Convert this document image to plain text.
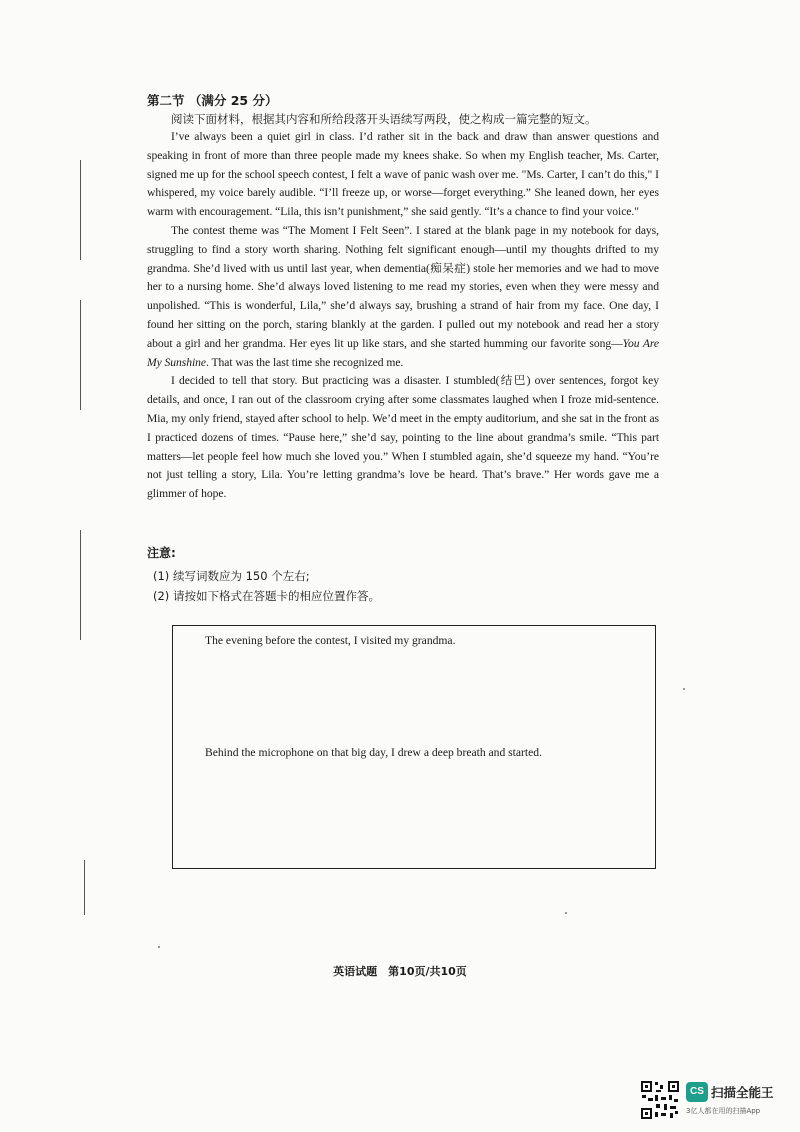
第二节 （满分 25 分）

阅读下面材料，根据其内容和所给段落开头语续写两段，使之构成一篇完整的短文。

I’ve always been a quiet girl in class. I’d rather sit in the back and draw than answer questions and speaking in front of more than three people made my knees shake. So when my English teacher, Ms. Carter, signed me up for the school speech contest, I felt a wave of panic wash over me. "Ms. Carter, I can’t do this," I whispered, my voice barely audible. “I’ll freeze up, or worse—forget everything.” She leaned down, her eyes warm with encouragement. “Lila, this isn’t punishment,” she said gently. “It’s a chance to find your voice."

The contest theme was “The Moment I Felt Seen”. I stared at the blank page in my notebook for days, struggling to find a story worth sharing. Nothing felt significant enough—until my thoughts drifted to my grandma. She’d lived with us until last year, when dementia(痴呆症) stole her memories and we had to move her to a nursing home. She’d always loved listening to me read my stories, even when they were messy and unpolished. “This is wonderful, Lila,” she’d always say, brushing a strand of hair from my face. One day, I found her sitting on the porch, staring blankly at the garden. I pulled out my notebook and read her a story about a girl and her grandma. Her eyes lit up like stars, and she started humming our favorite song—You Are My Sunshine. That was the last time she recognized me.

I decided to tell that story. But practicing was a disaster. I stumbled(结巴) over sentences, forgot key details, and once, I ran out of the classroom crying after some classmates laughed when I froze mid-sentence. Mia, my only friend, stayed after school to help. We’d meet in the empty auditorium, and she sat in the front as I practiced dozens of times. “Pause here,” she’d say, pointing to the line about grandma’s smile. “This part matters—let people feel how much she loved you.” When I stumbled again, she’d squeeze my hand. “You’re not just telling a story, Lila. You’re letting grandma’s love be heard. That’s brave.” Her words gave me a glimmer of hope.

注意:

(1) 续写词数应为 150 个左右;

(2) 请按如下格式在答题卡的相应位置作答。

The evening before the contest, I visited my grandma.

Behind the microphone on that big day, I drew a deep breath and started.

英语试题　第10页/共10页
CS 扫描全能王
3亿人都在用的扫描App
